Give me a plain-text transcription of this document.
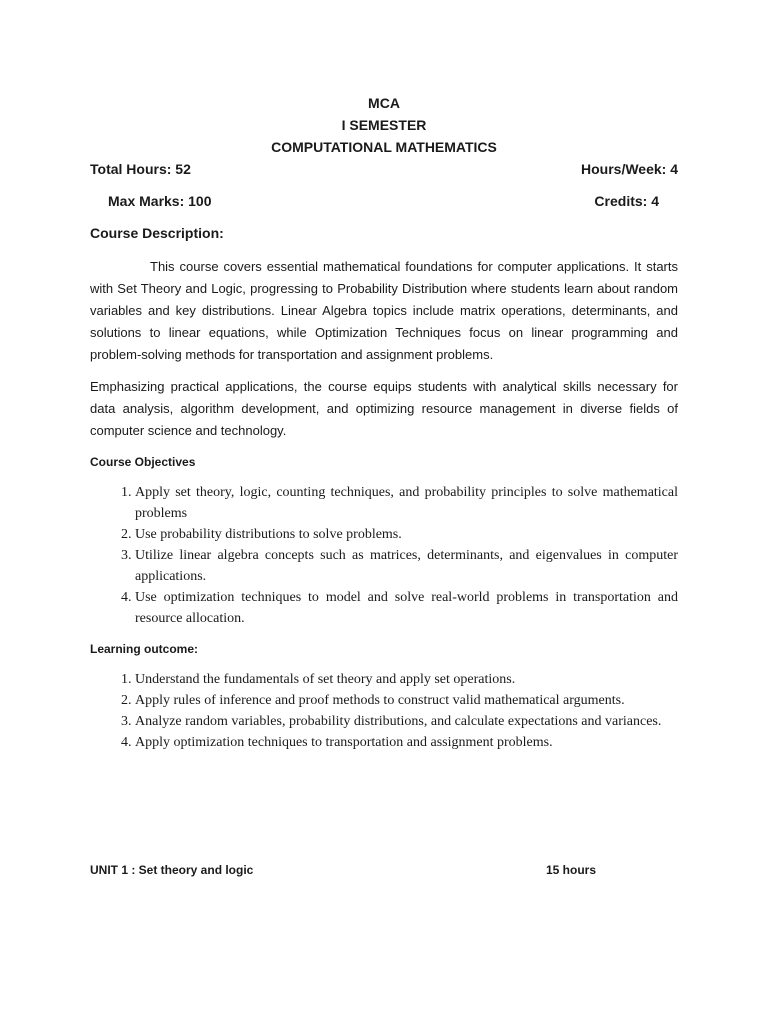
MCA
I SEMESTER
COMPUTATIONAL MATHEMATICS
Total Hours: 52	Hours/Week: 4
Max Marks: 100	Credits: 4
Course Description:

This course covers essential mathematical foundations for computer applications. It starts with Set Theory and Logic, progressing to Probability Distribution where students learn about random variables and key distributions. Linear Algebra topics include matrix operations, determinants, and solutions to linear equations, while Optimization Techniques focus on linear programming and problem-solving methods for transportation and assignment problems.

Emphasizing practical applications, the course equips students with analytical skills necessary for data analysis, algorithm development, and optimizing resource management in diverse fields of computer science and technology.

Course Objectives
1. Apply set theory, logic, counting techniques, and probability principles to solve mathematical problems
2. Use probability distributions to solve problems.
3. Utilize linear algebra concepts such as matrices, determinants, and eigenvalues in computer applications.
4. Use optimization techniques to model and solve real-world problems in transportation and resource allocation.
Learning outcome:
1. Understand the fundamentals of set theory and apply set operations.
2. Apply rules of inference and proof methods to construct valid mathematical arguments.
3. Analyze random variables, probability distributions, and calculate expectations and variances.
4. Apply optimization techniques to transportation and assignment problems.
UNIT 1 : Set theory and logic	15 hours
